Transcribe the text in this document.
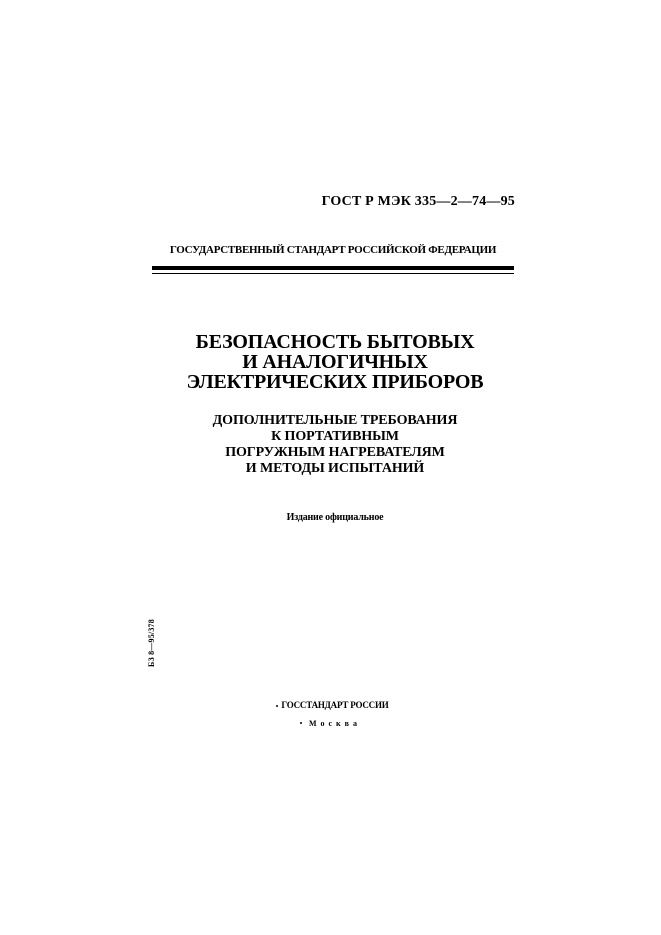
ГОСТ Р МЭК 335—2—74—95
ГОСУДАРСТВЕННЫЙ СТАНДАРТ РОССИЙСКОЙ ФЕДЕРАЦИИ
БЕЗОПАСНОСТЬ БЫТОВЫХ
И АНАЛОГИЧНЫХ
ЭЛЕКТРИЧЕСКИХ ПРИБОРОВ
ДОПОЛНИТЕЛЬНЫЕ ТРЕБОВАНИЯ
К ПОРТАТИВНЫМ
ПОГРУЖНЫМ НАГРЕВАТЕЛЯМ
И МЕТОДЫ ИСПЫТАНИЙ
Издание официальное
БЗ 8—95/378
ГОССТАНДАРТ РОССИИ
Москва
